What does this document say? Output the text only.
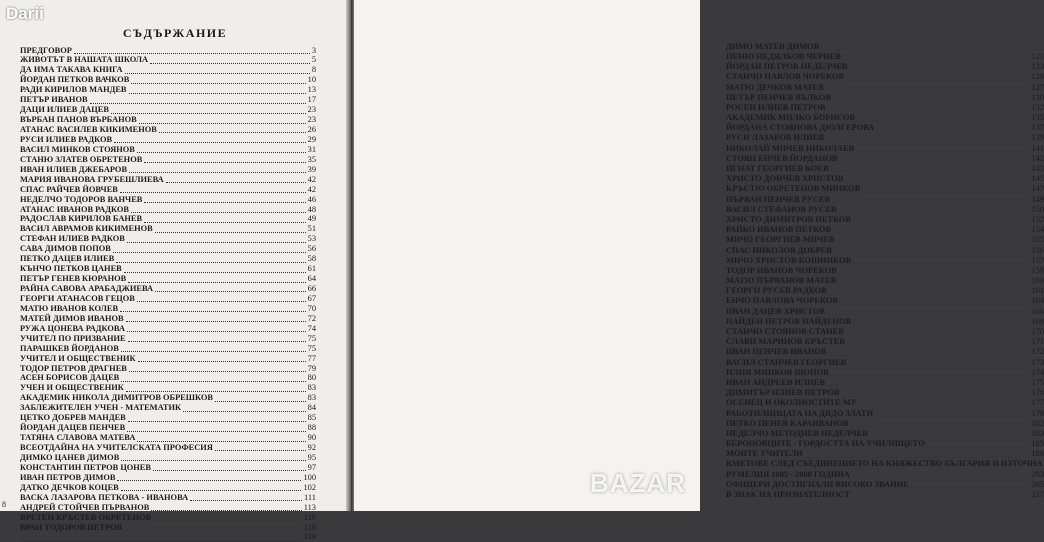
СЪДЪРЖАНИЕ
ПРЕДГОВОР	3
ЖИВОТЪТ В НАШАТА ШКОЛА	5
ДА ИМА ТАКАВА КНИГА	8
ЙОРДАН ПЕТКОВ ВАЧКОВ	10
РАДИ КИРИЛОВ МАНДЕВ	13
ПЕТЪР ИВАНОВ	17
ДАЦИ ИЛИЕВ ДАЦЕВ	23
ВЪРБАН ПАНОВ ВЪРБАНОВ	23
АТАНАС ВАСИЛЕВ КИКИМЕНОВ	26
РУСИ ИЛИЕВ РАДКОВ	29
ВАСИЛ МИНКОВ СТОЯНОВ	31
СТАНЮ ЗЛАТЕВ ОБРЕТЕНОВ	35
ИВАН ИЛИЕВ ДЖЕБАРОВ	39
МАРИЯ ИВАНОВА ГРУБЕШЛИЕВА	42
СПАС РАЙЧЕВ ЙОВЧЕВ	42
НЕДЕЛЧО ТОДОРОВ ВАНЧЕВ	46
АТАНАС ИВАНОВ РАДКОВ	48
РАДОСЛАВ КИРИЛОВ БАНЕВ	49
ВАСИЛ АВРАМОВ КИКИМЕНОВ	51
СТЕФАН ИЛИЕВ РАДКОВ	53
САВА ДИМОВ ПОПОВ	56
ПЕТКО ДАЦЕВ ИЛИЕВ	58
КЪНЧО ПЕТКОВ ЦАНЕВ	61
ПЕТЪР ГЕНЕВ КЮРАНОВ	64
РАЙНА САВОВА АРАБАДЖИЕВА	66
ГЕОРГИ АТАНАСОВ ГЕЦОВ	67
МАТЮ ИВАНОВ КОЛЕВ	70
МАТЕЙ ДИМОВ ИВАНОВ	72
РУЖА ЦОНЕВА РАДКОВА	74
УЧИТЕЛ ПО ПРИЗВАНИЕ	75
ПАРАШКЕВ ЙОРДАНОВ	75
УЧИТЕЛ И ОБЩЕСТВЕНИК	77
ТОДОР ПЕТРОВ ДРАГНЕВ	79
АСЕН БОРИСОВ ДАЦЕВ	80
УЧЕН И ОБЩЕСТВЕНИК	83
АКАДЕМИК НИКОЛА ДИМИТРОВ ОБРЕШКОВ	83
ЗАБЛЕЖИТЕЛЕН УЧЕН - МАТЕМАТИК	84
ЦЕТКО ДОБРЕВ МАНДЕВ	85
ЙОРДАН ДАЦЕВ ПЕНЧЕВ	88
ТАТЯНА СЛАВОВА МАТЕВА	90
ВСЕОТДАЙНА НА УЧИТЕЛСКАТА ПРОФЕСИЯ	92
ДИМКО ЦАНЕВ ДИМОВ	95
КОНСТАНТИН ПЕТРОВ ЦОНЕВ	97
ИВАН ПЕТРОВ ДИМОВ	100
ДАТКО ДЕЧКОВ КОЦЕВ	102
ВАСКА ЛАЗАРОВА ПЕТКОВА - ИВАНОВА	111
АНДРЕЙ СТОЙЧЕВ ПЪРВАНОВ	113
ВРЕТЕН КРЪСТЕВ ОБРЕТЕНОВ	116
ВРАН ТОДОРОВ ПЕТРОВ	118
119
8
ДИМО МАТЕВ ДИМОВ
ПЕНЮ НЕДЯЛКОВ ЧЕРНЕВ	121
ЙОРДАН ПЕТРОВ НЕДЕЛЧЕВ	123
СТАНЧО ПАВЛОВ ЧОРЕКОВ	126
МАТЮ ДЕЧКОВ МАТЕВ	127
ПЕТЪР ПЕНЧЕВ ВЪЛКОВ	130
РОСЕН ИЛИЕВ ПЕТРОВ	132
АКАДЕМИК МИЛКО БОРИСОВ	135
ЙОРДАНА СТОЯНОВА ДЮЛГЕРОВА	137
РУСИ ЛАЗАРОВ ИЛИЕВ	139
НИКОЛАЙ МИЧЕВ НИКОЛАЕВ	141
СТОЯН ЕНЧЕВ ЙОРДАНОВ	142
ИГНАТ ГЕОРГИЕВ КОЕВ	143
ХРИСТО ДОНЧЕВ ХРИСТОВ	145
КРЪСТЮ ОБРЕТЕНОВ МИНКОВ	147
ПЪРВАН ПЕНЧЕВ РУСЕВ	149
ВАСИЛ СТЕФАНОВ РУСЕВ	150
ХРИСТО ДИМИТРОВ ПЕТКОВ	152
РАЙКО ИВАНОВ ПЕТКОВ	154
МИЧО ГЕОРГИЕВ МИЧЕВ	155
СПАС НИКОЛОВ ДОБРЕВ	156
МИЧО ХРИСТОВ КОШНИКОВ	157
ТОДОР ИВАНОВ ЧОРЕКОВ	158
МАТЮ ПЪРВАНОВ МАТЕВ	160
ГЕОРГИ РУСЕВ РАДКОВ	161
ЕНЧО ПАВЛОВА ЧОРЕКОВ	164
ИВАН ДАЦЕВ ХРИСТОВ	166
НАЙДЕН ПЕТРОВ НАЙДЕНОВ	168
СТАНЧО СТОЯНОВ СТАНЕВ	170
СЛАВИ МАРИНОВ КРЪСТЕВ	171
ИВАН ПЕНЧЕВ ИВАНОВ	172
ВАСИЛ СТАНЧЕВ ГЕОРГИЕВ	173
ИЛИЯ МИНКОВ ШОПОВ	174
ИВАН АНДРЕЕВ ИЛИЕВ	175
ДИМИТЪР ИЛИЕВ ПЕТРОВ	176
ОСЕНЕЦ И ОКОЛНОСТИТЕ МУ	177
РАБОТИЛНИЦАТА НА ДЯДО ЗЛАТИ	178
ПЕТКО ПЕНЕВ КАРАИВАНОВ	182
НЕДЕЛЧО МЕТОДИЕВ НЕДЕЛЧЕВ	183
БЕРОНОВЦИТЕ - ГОРДОСТТА НА УЧИЛИЩЕТО	185
МОИТЕ УЧИТЕЛИ	186
КМЕТОВЕ СЛЕД СЪЕДИНЕНИЕТО НА КНЯЖЕСТВО БЪЛГАРИЯ И ИЗТОЧНА
РУМЕЛИЯ 1885 - 2000 ГОДИНА	203
ОФИЦЕРИ ДОСТИГНАЛИ ВИСОКО ЗВАНИЕ	205
В ЗНАК НА ПРИЗНАТЕЛНОСТ	217
Darii
BAZAR
